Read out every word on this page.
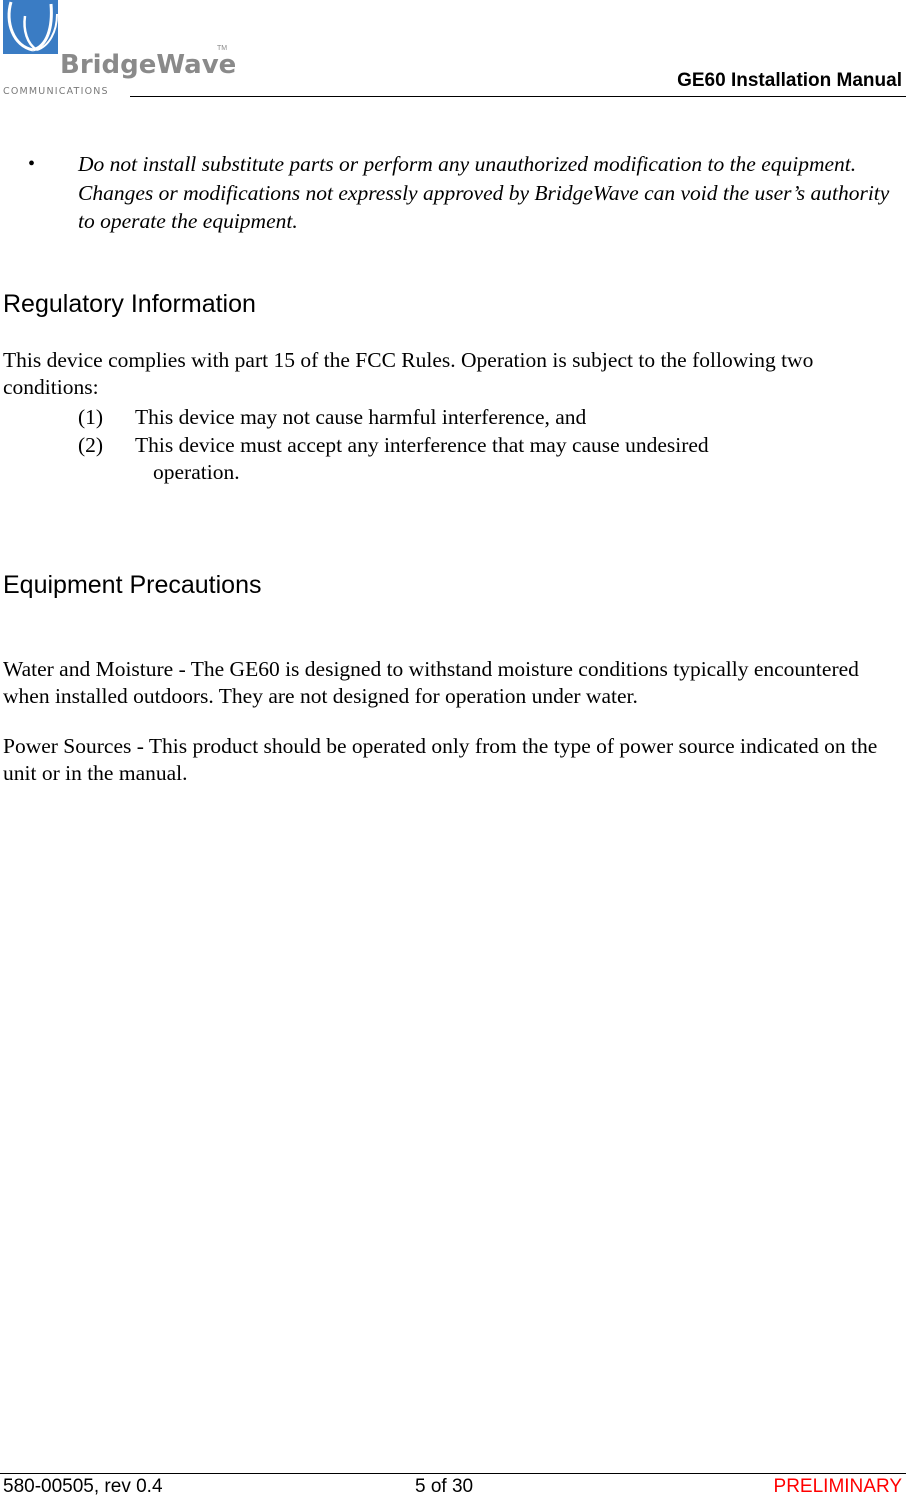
BridgeWave
TM
COMMUNICATIONS
GE60 Installation Manual
• Do not install substitute parts or perform any unauthorized modification to the equipment. Changes or modifications not expressly approved by BridgeWave can void the user’s authority to operate the equipment.
Regulatory Information
This device complies with part 15 of the FCC Rules. Operation is subject to the following two conditions:
(1) This device may not cause harmful interference, and
(2) This device must accept any interference that may cause undesired
operation.
Equipment Precautions
Water and Moisture - The GE60 is designed to withstand moisture conditions typically encountered when installed outdoors. They are not designed for operation under water.
Power Sources - This product should be operated only from the type of power source indicated on the unit or in the manual.
580-00505, rev 0.4	5 of 30	PRELIMINARY
